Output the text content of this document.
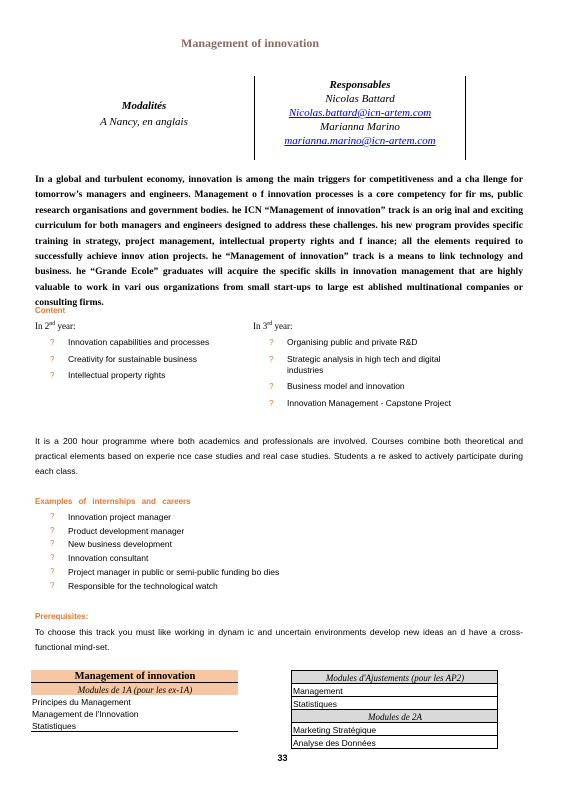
Management of innovation
Modalités
A Nancy, en anglais
Responsables
Nicolas Battard
Nicolas.battard@icn-artem.com
Marianna Marino
marianna.marino@icn-artem.com
In a global and turbulent economy, innovation is among the main triggers for competitiveness and a cha llenge for tomorrow’s managers and engineers. Management o f innovation processes is a core competency for fir ms, public research organisations and government bodies. he ICN “Management of innovation” track is an orig inal and exciting curriculum for both managers and engineers designed to address these challenges. his new program provides specific training in strategy, project management, intellectual property rights and f inance; all the elements required to successfully achieve innov ation projects. he “Management of innovation” track is a means to link technology and business. he “Grande Ecole” graduates will acquire the specific skills in innovation management that are highly valuable to work in vari ous organizations from small start-ups to large est ablished multinational companies or consulting firms.
Content
In 2nd year:
? Innovation capabilities and processes
? Creativity for sustainable business
? Intellectual property rights
In 3rd year:
? Organising public and private R&D
? Strategic analysis in high tech and digital industries
? Business model and innovation
? Innovation Management - Capstone Project
It is a 200 hour programme where both academics and professionals are involved. Courses combine both theoretical and practical elements based on experie nce case studies and real case studies. Students a re asked to actively participate during each class.
Examples of internships and careers
? Innovation project manager
? Product development manager
? New business development
? Innovation consultant
? Project manager in public or semi-public funding bo dies
? Responsible for the technological watch
Prerequisites:
To choose this track you must like working in dynam ic and uncertain environments develop new ideas an d have a cross-functional mind-set.
Management of innovation
Modules de 1A (pour les ex-1A)
Principes du Management
Management de l'Innovation
Statistiques
Modules d'Ajustements (pour les AP2)
Management
Statistiques
Modules de 2A
Marketing Stratégique
Analyse des Données
33
